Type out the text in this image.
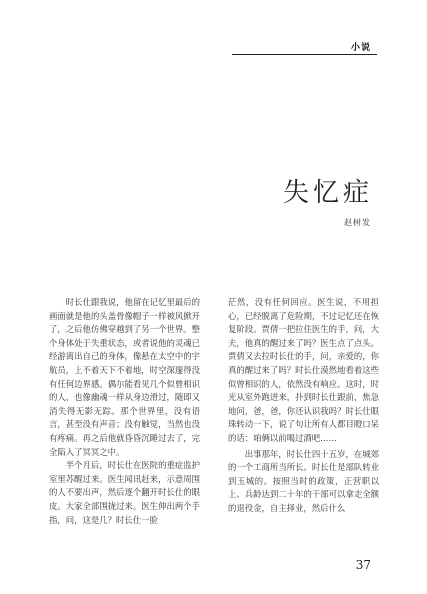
小说
失忆症
赵树发

时长仕跟我说，他留在记忆里最后的画面就是他的头盖骨像帽子一样被风掀开了，之后他仿佛穿越到了另一个世界。整个身体处于失重状态，或者说他的灵魂已经游离出自己的身体，像悬在太空中的宇航员，上不着天下不着地，时空深邃得没有任何边界感。偶尔能看见几个似曾相识的人，也像幽魂一样从身边滑过，随即又消失得无影无踪。那个世界里，没有语言，甚至没有声音；没有触觉，当然也没有疼痛。再之后他就昏昏沉睡过去了，完全陷入了冥冥之中。

半个月后，时长仕在医院的重症监护室里苏醒过来。医生闻讯赶来，示意周围的人不要出声，然后逐个翻开时长仕的眼皮。大家全部围拢过来。医生伸出两个手指，问，这是几？时长仕一脸

茫然，没有任何回应。医生说，不用担心，已经脱离了危险期，不过记忆还在恢复阶段。贾倩一把拉住医生的手，问，大夫，他真的醒过来了吗？医生点了点头。贾倩又去拉时长仕的手，问，亲爱的，你真的醒过来了吗？时长仕漠然地看着这些似曾相识的人，依然没有响应。这时，时光从室外跑进来，扑到时长仕跟前，焦急地问，爸，爸，你还认识我吗？时长仕眼珠转动一下，说了句让所有人都目瞪口呆的话：咱俩以前喝过酒吧……

出事那年，时长仕四十五岁，在城郊的一个工商所当所长。时长仕是部队转业到玉城的。按照当时的政策，正营职以上、兵龄达到二十年的干部可以拿走全额的退役金，自主择业，然后什么

37
